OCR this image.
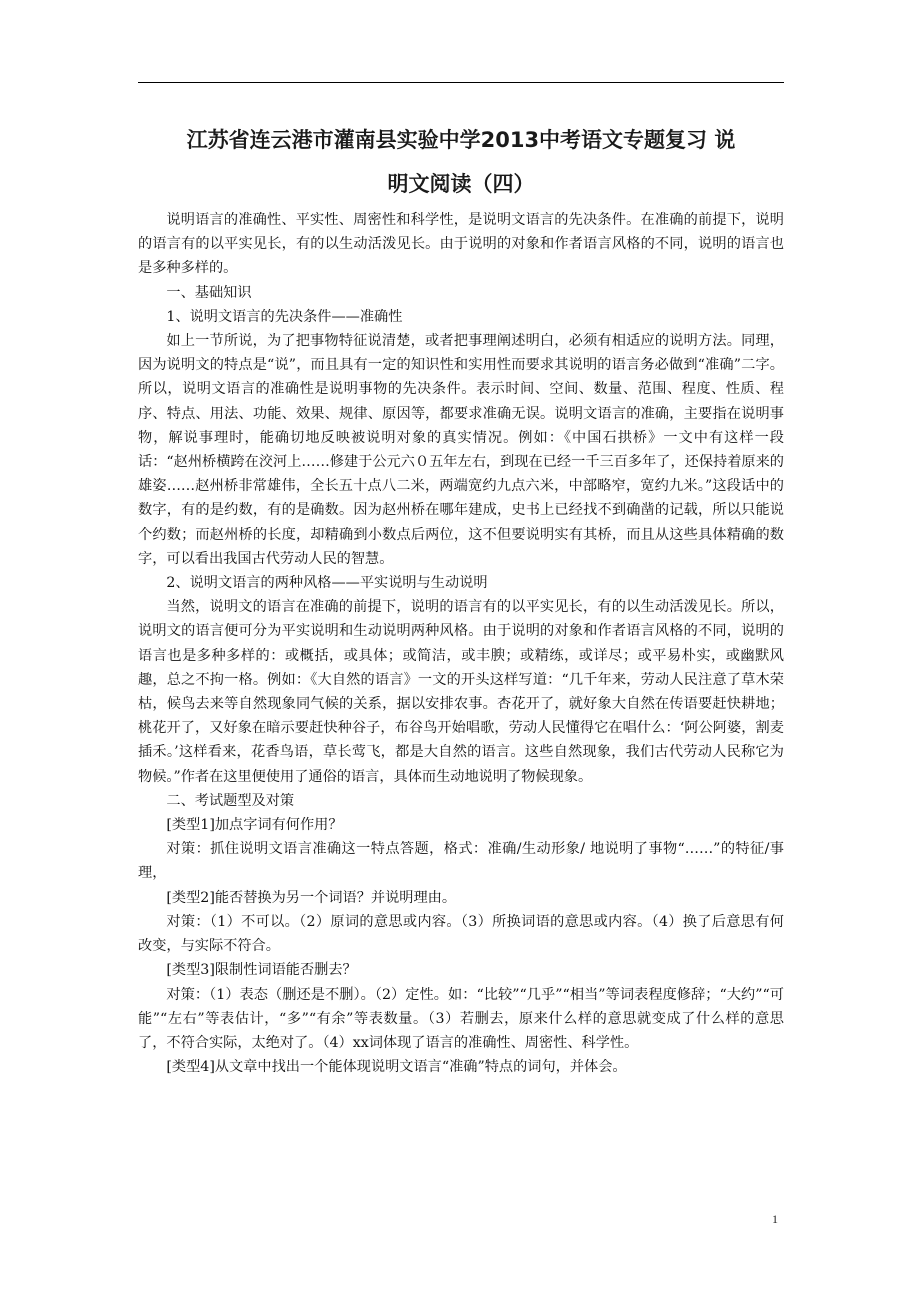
江苏省连云港市灌南县实验中学2013中考语文专题复习 说
明文阅读（四）

说明语言的准确性、平实性、周密性和科学性，是说明文语言的先决条件。在准确的前提下，说明的语言有的以平实见长，有的以生动活泼见长。由于说明的对象和作者语言风格的不同，说明的语言也是多种多样的。

一、基础知识

1、说明文语言的先决条件——准确性

如上一节所说，为了把事物特征说清楚，或者把事理阐述明白，必须有相适应的说明方法。同理，因为说明文的特点是“说”，而且具有一定的知识性和实用性而要求其说明的语言务必做到“准确”二字。所以，说明文语言的准确性是说明事物的先决条件。表示时间、空间、数量、范围、程度、性质、程序、特点、用法、功能、效果、规律、原因等，都要求准确无误。说明文语言的准确，主要指在说明事物，解说事理时，能确切地反映被说明对象的真实情况。例如：《中国石拱桥》一文中有这样一段话：“赵州桥横跨在洨河上……修建于公元六０五年左右，到现在已经一千三百多年了，还保持着原来的雄姿……赵州桥非常雄伟，全长五十点八二米，两端宽约九点六米，中部略窄，宽约九米。”这段话中的数字，有的是约数，有的是确数。因为赵州桥在哪年建成，史书上已经找不到确凿的记载，所以只能说个约数；而赵州桥的长度，却精确到小数点后两位，这不但要说明实有其桥，而且从这些具体精确的数字，可以看出我国古代劳动人民的智慧。

2、说明文语言的两种风格——平实说明与生动说明

当然，说明文的语言在准确的前提下，说明的语言有的以平实见长，有的以生动活泼见长。所以，说明文的语言便可分为平实说明和生动说明两种风格。由于说明的对象和作者语言风格的不同，说明的语言也是多种多样的：或概括，或具体；或简洁，或丰腴；或精练，或详尽；或平易朴实，或幽默风趣，总之不拘一格。例如：《大自然的语言》一文的开头这样写道：“几千年来，劳动人民注意了草木荣枯，候鸟去来等自然现象同气候的关系，据以安排农事。杏花开了，就好象大自然在传语要赶快耕地；桃花开了，又好象在暗示要赶快种谷子，布谷鸟开始唱歌，劳动人民懂得它在唱什么：‘阿公阿婆，割麦插禾。’这样看来，花香鸟语，草长莺飞，都是大自然的语言。这些自然现象，我们古代劳动人民称它为物候。”作者在这里便使用了通俗的语言，具体而生动地说明了物候现象。

二、考试题型及对策

[类型1]加点字词有何作用？

对策：抓住说明文语言准确这一特点答题，格式：准确/生动形象/ 地说明了事物“……”的特征/事理，

[类型2]能否替换为另一个词语？并说明理由。

对策：（1）不可以。（2）原词的意思或内容。（3）所换词语的意思或内容。（4）换了后意思有何改变，与实际不符合。

[类型3]限制性词语能否删去？

对策：（1）表态（删还是不删）。（2）定性。如：“比较”“几乎”“相当”等词表程度修辞；“大约”“可能”“左右”等表估计，“多”“有余”等表数量。（3）若删去，原来什么样的意思就变成了什么样的意思了，不符合实际，太绝对了。（4）xx词体现了语言的准确性、周密性、科学性。

[类型4]从文章中找出一个能体现说明文语言“准确”特点的词句，并体会。

1
